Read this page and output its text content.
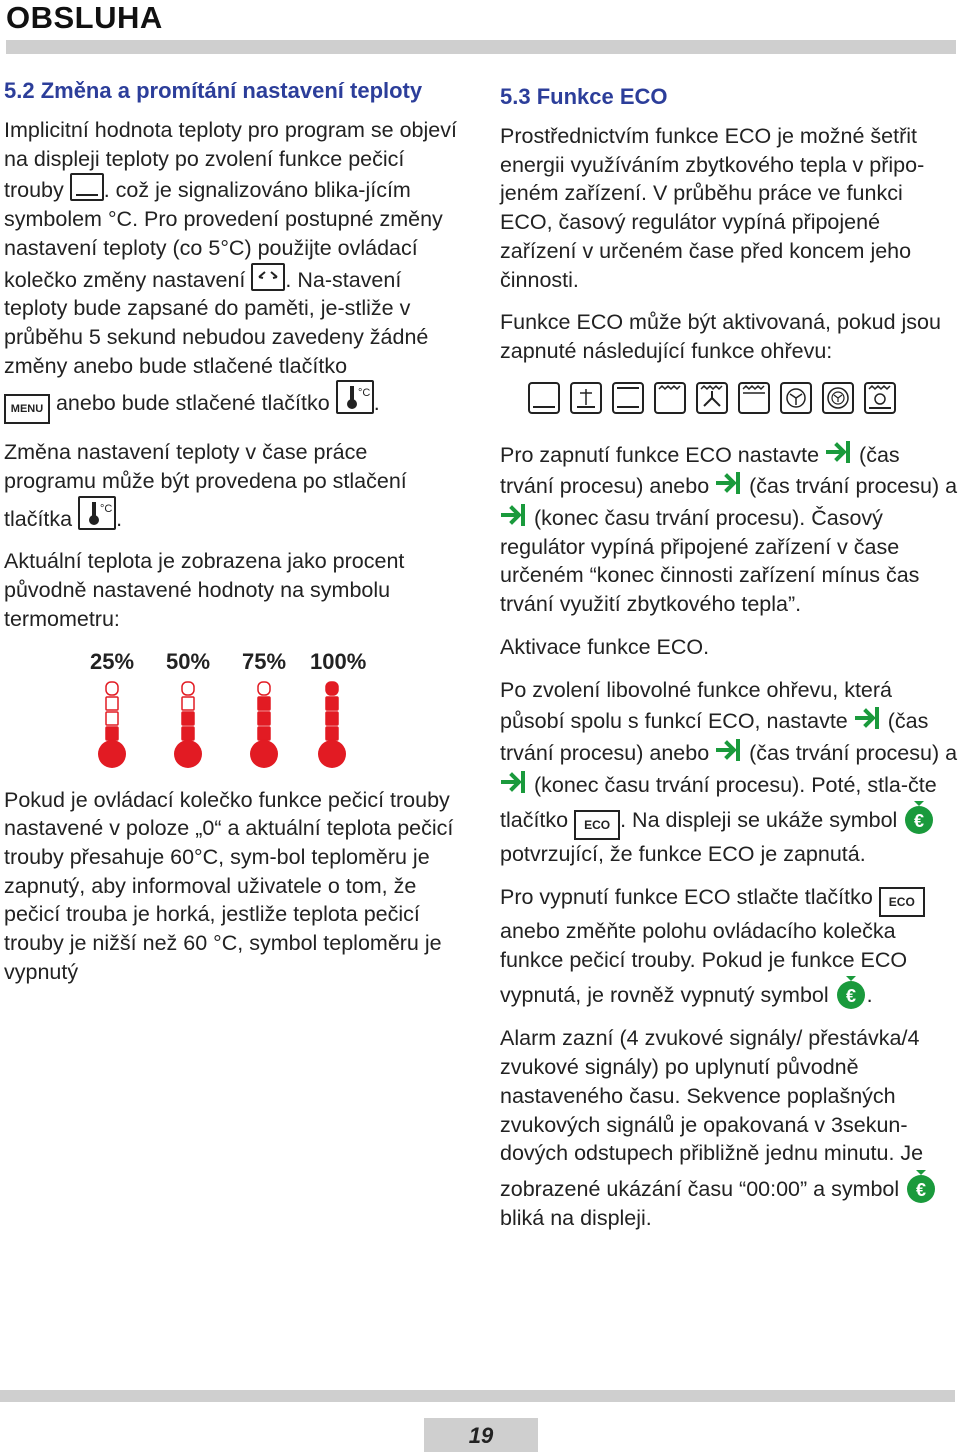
OBSLUHA
5.2 Změna a promítání nastavení teploty

Implicitní hodnota teploty pro program se objeví na displeji teploty po zvolení funkce pečicí trouby
. což je signalizováno blika-jícím symbolem °C. Pro provedení postupné změny nastavení teploty (co 5°C) použijte ovládací kolečko změny nastavení
. Na-stavení teploty bude zapsané do paměti, je-stliže v průběhu 5 sekund nebudou zavedeny žádné změny anebo bude stlačené tlačítko
MENU anebo bude stlačené tlačítko °C .

Změna nastavení teploty v čase práce programu může být provedena po stlačení tlačítka °C .

Aktuální teplota je zobrazena jako procent původně nastavené hodnoty na symbolu termometru:

25% 50% 75% 100%

Pokud je ovládací kolečko funkce pečicí trouby nastavené v poloze „0“ a aktuální teplota pečicí trouby přesahuje 60°C, sym-bol teploměru je zapnutý, aby informoval uživatele o tom, že pečicí trouba je horká, jestliže teplota pečicí trouby je nižší než 60 °C, symbol teploměru je vypnutý

5.3 Funkce ECO

Prostřednictvím funkce ECO je možné šetřit energii využíváním zbytkového tepla v připo-jeném zařízení. V průběhu práce ve funkci ECO, časový regulátor vypíná připojené zařízení v určeném čase před koncem jeho činnosti.

Funkce ECO může být aktivovaná, pokud jsou zapnuté následující funkce ohřevu:

Pro zapnutí funkce ECO nastavte  (čas trvání procesu) anebo  (čas trvání procesu) a  (konec času trvání procesu). Časový regulátor vypíná připojené zařízení v čase určeném “konec činnosti zařízení mínus čas trvání využití zbytkového tepla”.

Aktivace funkce ECO.

Po zvolení libovolné funkce ohřevu, která působí spolu s funkcí ECO, nastavte  (čas trvání procesu) anebo  (čas trvání procesu) a  (konec času trvání procesu). Poté, stla-čte tlačítko ECO . Na displeji se ukáže symbol €
potvrzující, že funkce ECO je zapnutá.

Pro vypnutí funkce ECO stlačte tlačítko ECO anebo změňte polohu ovládacího kolečka funkce pečicí trouby. Pokud je funkce ECO vypnutá, je rovněž vypnutý symbol € .

Alarm zazní (4 zvukové signály/ přestávka/4 zvukové signály) po uplynutí původně nastaveného času. Sekvence poplašných zvukových signálů je opakovaná v 3sekun-dových odstupech přibližně jednu minutu. Je zobrazené ukázání času “00:00” a symbol €
bliká na displeji.

19
